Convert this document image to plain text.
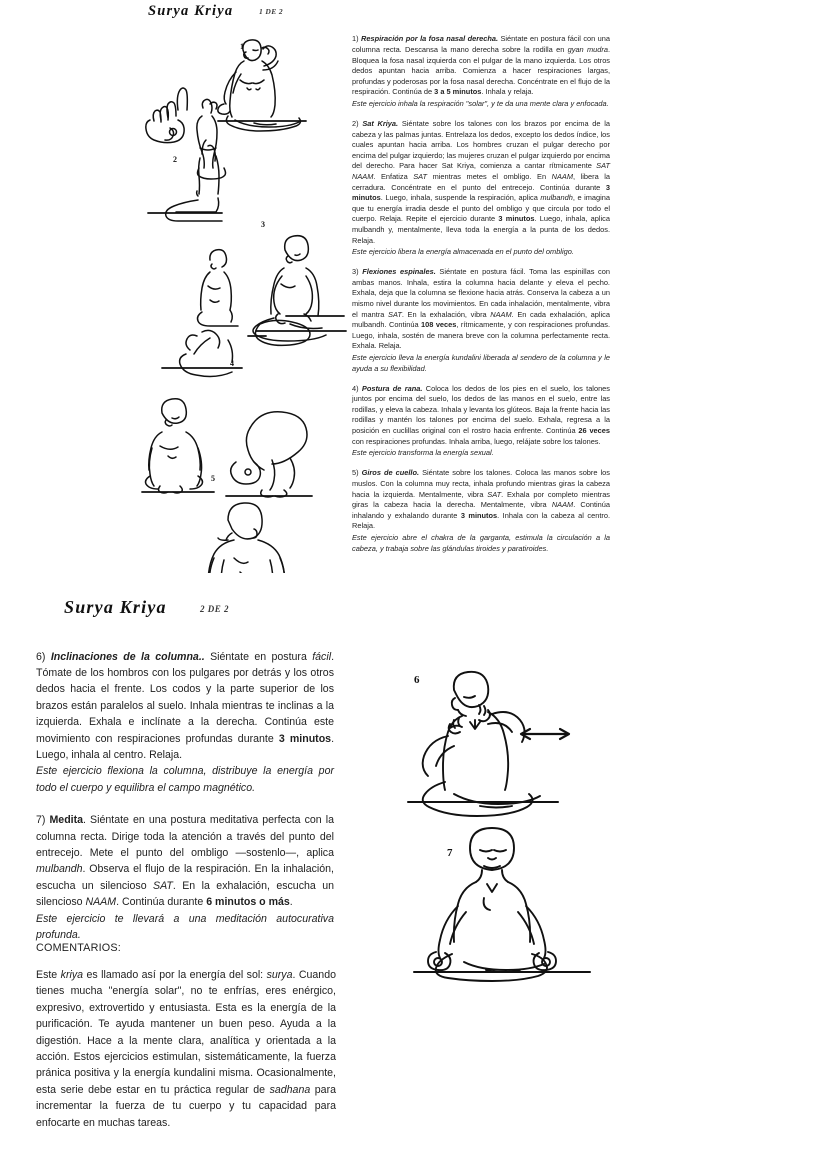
Surya Kriya	1 DE 2
1
2
3
4
5

1) Respiración por la fosa nasal derecha. Siéntate en postura fácil con una columna recta. Descansa la mano derecha sobre la rodilla en gyan mudra. Bloquea la fosa nasal izquierda con el pulgar de la mano izquierda. Los otros dedos apuntan hacia arriba. Comienza a hacer respiraciones largas, profundas y poderosas por la fosa nasal derecha. Concéntrate en el flujo de la respiración. Continúa de 3 a 5 minutos. Inhala y relaja.
Este ejercicio inhala la respiración "solar", y te da una mente clara y enfocada.

2) Sat Kriya. Siéntate sobre los talones con los brazos por encima de la cabeza y las palmas juntas. Entrelaza los dedos, excepto los dedos índice, los cuales apuntan hacia arriba. Los hombres cruzan el pulgar derecho por encima del pulgar izquierdo; las mujeres cruzan el pulgar izquierdo por encima del derecho. Para hacer Sat Kriya, comienza a cantar rítmicamente SAT NAAM. Enfatiza SAT mientras metes el ombligo. En NAAM, libera la cerradura. Concéntrate en el punto del entrecejo. Continúa durante 3 minutos. Luego, inhala, suspende la respiración, aplica mulbandh, e imagina que tu energía irradia desde el punto del ombligo y que circula por todo el cuerpo. Relaja. Repite el ejercicio durante 3 minutos. Luego, inhala, aplica mulbandh y, mentalmente, lleva toda la energía a la punta de los dedos. Relaja.
Este ejercicio libera la energía almacenada en el punto del ombligo.

3) Flexiones espinales. Siéntate en postura fácil. Toma las espinillas con ambas manos. Inhala, estira la columna hacia delante y eleva el pecho. Exhala, deja que la columna se flexione hacia atrás. Conserva la cabeza a un mismo nivel durante los movimientos. En cada inhalación, mentalmente, vibra el mantra SAT. En la exhalación, vibra NAAM. En cada exhalación, aplica mulbandh. Continúa 108 veces, rítmicamente, y con respiraciones profundas. Luego, inhala, sostén de manera breve con la columna perfectamente recta. Exhala. Relaja.
Este ejercicio lleva la energía kundalini liberada al sendero de la columna y le ayuda a su flexibilidad.

4) Postura de rana. Coloca los dedos de los pies en el suelo, los talones juntos por encima del suelo, los dedos de las manos en el suelo, entre las rodillas, y eleva la cabeza. Inhala y levanta los glúteos. Baja la frente hacia las rodillas y mantén los talones por encima del suelo. Exhala, regresa a la posición en cuclillas original con el rostro hacia enfrente. Continúa 26 veces con respiraciones profundas. Inhala arriba, luego, relájate sobre los talones.
Este ejercicio transforma la energía sexual.

5) Giros de cuello. Siéntate sobre los talones. Coloca las manos sobre los muslos. Con la columna muy recta, inhala profundo mientras giras la cabeza hacia la izquierda. Mentalmente, vibra SAT. Exhala por completo mientras giras la cabeza hacia la derecha. Mentalmente, vibra NAAM. Continúa inhalando y exhalando durante 3 minutos. Inhala con la cabeza al centro. Relaja.
Este ejercicio abre el chakra de la garganta, estimula la circulación a la cabeza, y trabaja sobre las glándulas tiroides y paratiroides.

Surya Kriya	2 DE 2

6) Inclinaciones de la columna.. Siéntate en postura fácil. Tómate de los hombros con los pulgares por detrás y los otros dedos hacia el frente. Los codos y la parte superior de los brazos están paralelos al suelo. Inhala mientras te inclinas a la izquierda. Exhala e inclínate a la derecha. Continúa este movimiento con respiraciones profundas durante 3 minutos. Luego, inhala al centro. Relaja.
Este ejercicio flexiona la columna, distribuye la energía por todo el cuerpo y equilibra el campo magnético.

7) Medita. Siéntate en una postura meditativa perfecta con la columna recta. Dirige toda la atención a través del punto del entrecejo. Mete el punto del ombligo —sostenlo—, aplica mulbandh. Observa el flujo de la respiración. En la inhalación, escucha un silencioso SAT. En la exhalación, escucha un silencioso NAAM. Continúa durante 6 minutos o más.
Este ejercicio te llevará a una meditación autocurativa profunda.

COMENTARIOS:

Este kriya es llamado así por la energía del sol: surya. Cuando tienes mucha "energía solar", no te enfrías, eres enérgico, expresivo, extrovertido y entusiasta. Esta es la energía de la purificación. Te ayuda mantener un buen peso. Ayuda a la digestión. Hace a la mente clara, analítica y orientada a la acción. Estos ejercicios estimulan, sistemáticamente, la fuerza pránica positiva y la energía kundalini misma. Ocasionalmente, esta serie debe estar en tu práctica regular de sadhana para incrementar la fuerza de tu cuerpo y tu capacidad para enfocarte en muchas tareas.

6
7
